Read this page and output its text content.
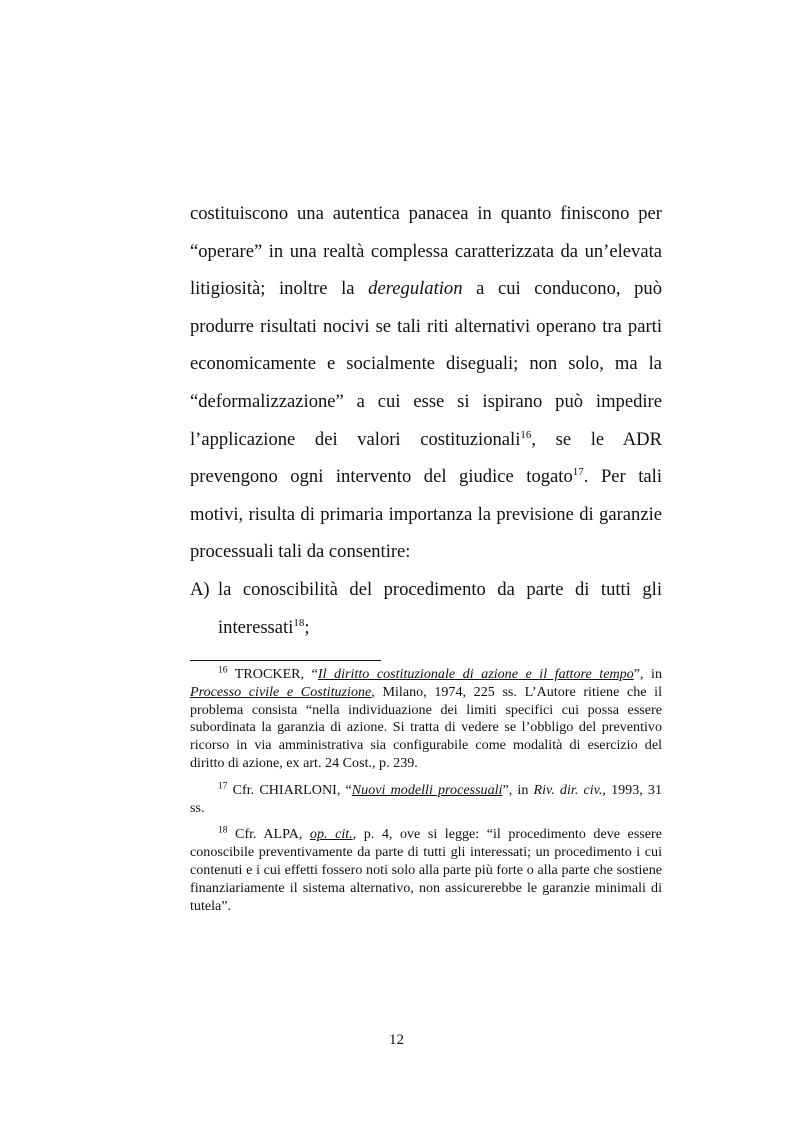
costituiscono una autentica panacea in quanto finiscono per “operare” in una realtà complessa caratterizzata da un’elevata litigiosità; inoltre la deregulation a cui conducono, può produrre risultati nocivi se tali riti alternativi operano tra parti economicamente e socialmente diseguali; non solo, ma la “deformalizzazione” a cui esse si ispirano può impedire l’applicazione dei valori costituzionali$^{16}$, se le ADR prevengono ogni intervento del giudice togato$^{17}$. Per tali motivi, risulta di primaria importanza la previsione di garanzie processuali tali da consentire:

A) la conoscibilità del procedimento da parte di tutti gli interessati$^{18}$;

$^{16}$ TROCKER, “Il diritto costituzionale di azione e il fattore tempo”, in Processo civile e Costituzione, Milano, 1974, 225 ss. L’Autore ritiene che il problema consista “nella individuazione dei limiti specifici cui possa essere subordinata la garanzia di azione. Si tratta di vedere se l’obbligo del preventivo ricorso in via amministrativa sia configurabile come modalità di esercizio del diritto di azione, ex art. 24 Cost., p. 239.

$^{17}$ Cfr. CHIARLONI, “Nuovi modelli processuali”, in Riv. dir. civ., 1993, 31 ss.

$^{18}$ Cfr. ALPA, op. cit., p. 4, ove si legge: “il procedimento deve essere conoscibile preventivamente da parte di tutti gli interessati; un procedimento i cui contenuti e i cui effetti fossero noti solo alla parte più forte o alla parte che sostiene finanziariamente il sistema alternativo, non assicurerebbe le garanzie minimali di tutela”.

12
